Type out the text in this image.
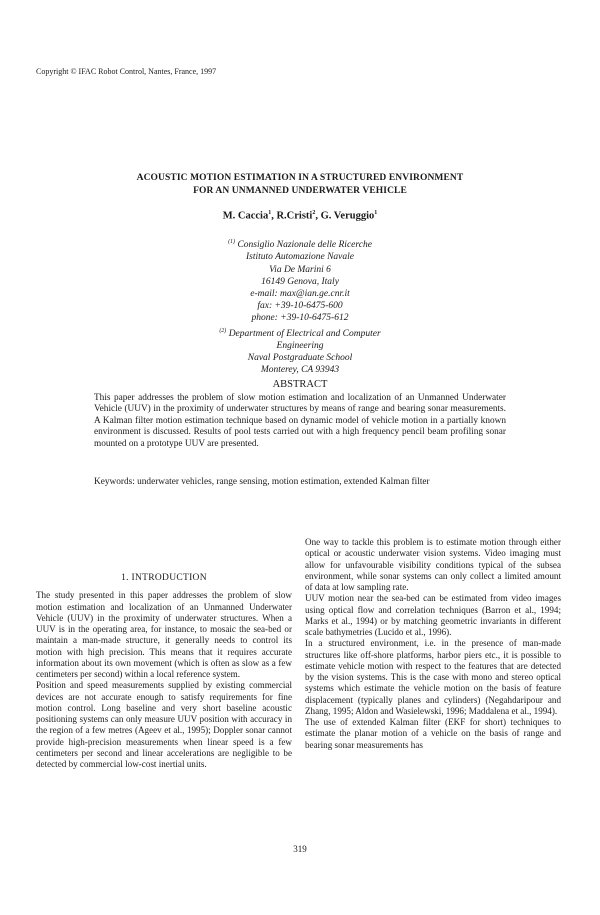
Copyright © IFAC Robot Control, Nantes, France, 1997
ACOUSTIC MOTION ESTIMATION IN A STRUCTURED ENVIRONMENT
FOR AN UNMANNED UNDERWATER VEHICLE
M. Caccia$^1$, R.Cristi$^2$, G. Veruggio$^1$
$^{(1)}$ Consiglio Nazionale delle Ricerche
Istituto Automazione Navale
Via De Marini 6
16149 Genova, Italy
e-mail: max@ian.ge.cnr.it
fax: +39-10-6475-600
phone: +39-10-6475-612
$^{(2)}$ Department of Electrical and Computer Engineering
Naval Postgraduate School
Monterey, CA 93943
ABSTRACT

This paper addresses the problem of slow motion estimation and localization of an Unmanned Underwater Vehicle (UUV) in the proximity of underwater structures by means of range and bearing sonar measurements. A Kalman filter motion estimation technique based on dynamic model of vehicle motion in a partially known environment is discussed. Results of pool tests carried out with a high frequency pencil beam profiling sonar mounted on a prototype UUV are presented.

Keywords: underwater vehicles, range sensing, motion estimation, extended Kalman filter
1. INTRODUCTION

The study presented in this paper addresses the problem of slow motion estimation and localization of an Unmanned Underwater Vehicle (UUV) in the proximity of underwater structures. When a UUV is in the operating area, for instance, to mosaic the sea-bed or maintain a man-made structure, it generally needs to control its motion with high precision. This means that it requires accurate information about its own movement (which is often as slow as a few centimeters per second) within a local reference system.

Position and speed measurements supplied by existing commercial devices are not accurate enough to satisfy requirements for fine motion control. Long baseline and very short baseline acoustic positioning systems can only measure UUV position with accuracy in the region of a few metres (Ageev et al., 1995); Doppler sonar cannot provide high-precision measurements when linear speed is a few centimeters per second and linear accelerations are negligible to be detected by commercial low-cost inertial units.

One way to tackle this problem is to estimate motion through either optical or acoustic underwater vision systems. Video imaging must allow for unfavourable visibility conditions typical of the subsea environment, while sonar systems can only collect a limited amount of data at low sampling rate.

UUV motion near the sea-bed can be estimated from video images using optical flow and correlation techniques (Barron et al., 1994; Marks et al., 1994) or by matching geometric invariants in different scale bathymetries (Lucido et al., 1996).

In a structured environment, i.e. in the presence of man-made structures like off-shore platforms, harbor piers etc., it is possible to estimate vehicle motion with respect to the features that are detected by the vision systems. This is the case with mono and stereo optical systems which estimate the vehicle motion on the basis of feature displacement (typically planes and cylinders) (Negahdaripour and Zhang, 1995; Aldon and Wasielewski, 1996; Maddalena et al., 1994).

The use of extended Kalman filter (EKF for short) techniques to estimate the planar motion of a vehicle on the basis of range and bearing sonar measurements has

319
